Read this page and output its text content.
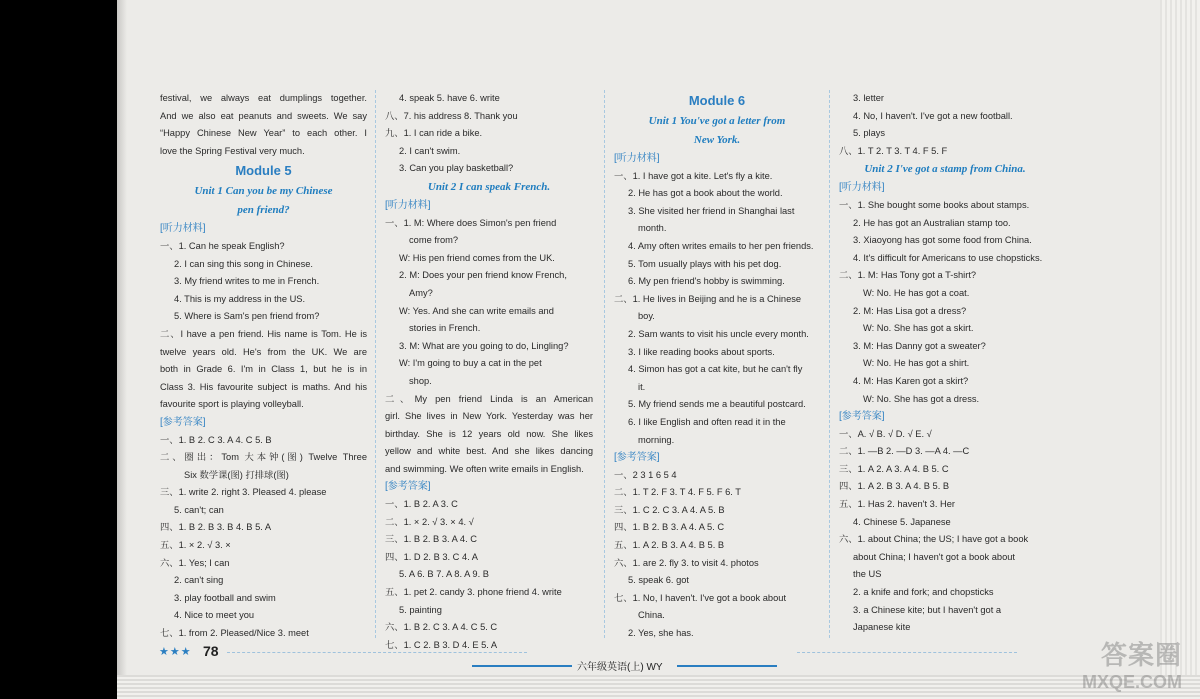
festival, we always eat dumplings together.
And we also eat peanuts and sweets. We say
“Happy Chinese New Year” to each other. I
love the Spring Festival very much.
Module 5
Unit 1 Can you be my Chinese
pen friend?
[听力材料]
一、1. Can he speak English?
2. I can sing this song in Chinese.
3. My friend writes to me in French.
4. This is my address in the US.
5. Where is Sam's pen friend from?
二、I have a pen friend. His name is Tom. He is
twelve years old. He's from the UK. We are
both in Grade 6. I'm in Class 1, but he is in
Class 3. His favourite subject is maths. And his
favourite sport is playing volleyball.
[参考答案]
一、1. B 2. C 3. A 4. C 5. B
二、圈出：Tom 大本钟(图) Twelve Three
Six 数学课(图) 打排球(图)
三、1. write 2. right 3. Pleased 4. please
5. can't; can
四、1. B 2. B 3. B 4. B 5. A
五、1. × 2. √ 3. ×
六、1. Yes; I can
2. can't sing
3. play football and swim
4. Nice to meet you
七、1. from 2. Pleased/Nice 3. meet
4. speak 5. have 6. write
八、7. his address 8. Thank you
九、1. I can ride a bike.
2. I can't swim.
3. Can you play basketball?
Unit 2 I can speak French.
[听力材料]
一、1. M: Where does Simon's pen friend
come from?
W: His pen friend comes from the UK.
2. M: Does your pen friend know French,
Amy?
W: Yes. And she can write emails and
stories in French.
3. M: What are you going to do, Lingling?
W: I'm going to buy a cat in the pet
shop.
二、My pen friend Linda is an American
girl. She lives in New York. Yesterday was her
birthday. She is 12 years old now. She likes
yellow and white best. And she likes dancing
and swimming. We often write emails in English.
[参考答案]
一、1. B 2. A 3. C
二、1. × 2. √ 3. × 4. √
三、1. B 2. B 3. A 4. C
四、1. D 2. B 3. C 4. A
5. A 6. B 7. A 8. A 9. B
五、1. pet 2. candy 3. phone friend 4. write
5. painting
六、1. B 2. C 3. A 4. C 5. C
七、1. C 2. B 3. D 4. E 5. A
Module 6
Unit 1 You've got a letter from
New York.
[听力材料]
一、1. I have got a kite. Let's fly a kite.
2. He has got a book about the world.
3. She visited her friend in Shanghai last
month.
4. Amy often writes emails to her pen friends.
5. Tom usually plays with his pet dog.
6. My pen friend's hobby is swimming.
二、1. He lives in Beijing and he is a Chinese
boy.
2. Sam wants to visit his uncle every month.
3. I like reading books about sports.
4. Simon has got a cat kite, but he can't fly
it.
5. My friend sends me a beautiful postcard.
6. I like English and often read it in the
morning.
[参考答案]
一、2 3 1 6 5 4
二、1. T 2. F 3. T 4. F 5. F 6. T
三、1. C 2. C 3. A 4. A 5. B
四、1. B 2. B 3. A 4. A 5. C
五、1. A 2. B 3. A 4. B 5. B
六、1. are 2. fly 3. to visit 4. photos
5. speak 6. got
七、1. No, I haven't. I've got a book about
China.
2. Yes, she has.
3. letter
4. No, I haven't. I've got a new football.
5. plays
八、1. T 2. T 3. T 4. F 5. F
Unit 2 I've got a stamp from China.
[听力材料]
一、1. She bought some books about stamps.
2. He has got an Australian stamp too.
3. Xiaoyong has got some food from China.
4. It's difficult for Americans to use chopsticks.
二、1. M: Has Tony got a T-shirt?
W: No. He has got a coat.
2. M: Has Lisa got a dress?
W: No. She has got a skirt.
3. M: Has Danny got a sweater?
W: No. He has got a shirt.
4. M: Has Karen got a skirt?
W: No. She has got a dress.
[参考答案]
一、A. √ B. √ D. √ E. √
二、1. —B 2. —D 3. —A 4. —C
三、1. A 2. A 3. A 4. B 5. C
四、1. A 2. B 3. A 4. B 5. B
五、1. Has 2. haven't 3. Her
4. Chinese 5. Japanese
六、1. about China; the US; I have got a book
about China; I haven't got a book about
the US
2. a knife and fork; and chopsticks
3. a Chinese kite; but I haven't got a
Japanese kite
★★★ 78
六年级英语(上) WY	答案圈
MXQE.COM
